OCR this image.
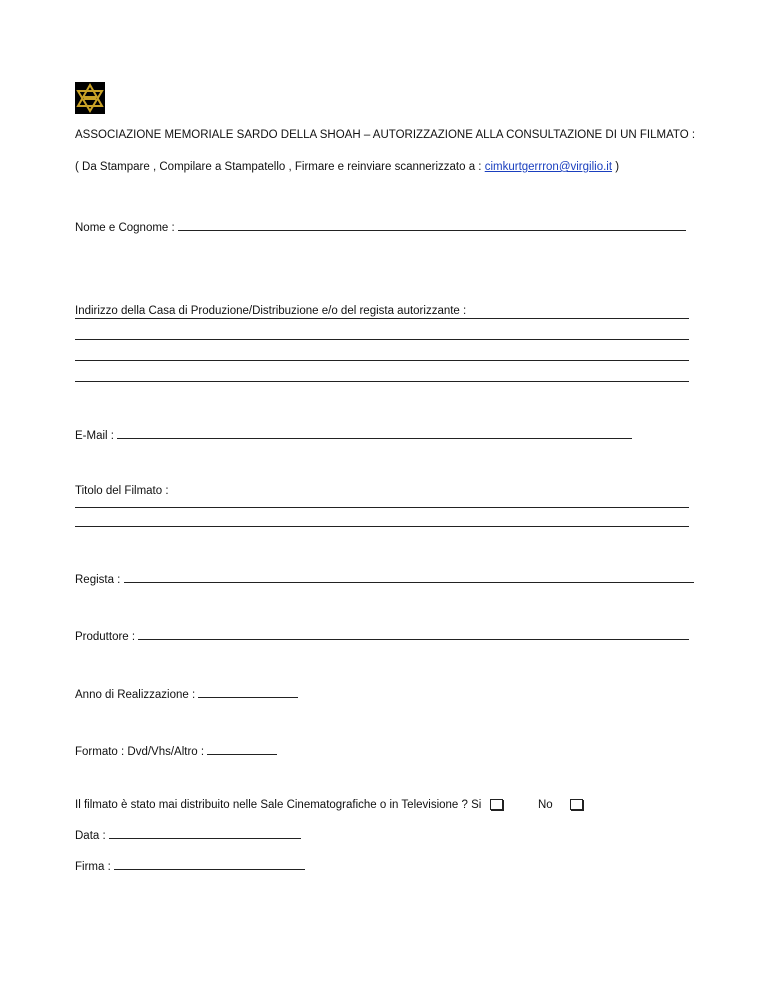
ASSOCIAZIONE MEMORIALE SARDO DELLA SHOAH – AUTORIZZAZIONE ALLA CONSULTAZIONE DI UN FILMATO :
( Da Stampare , Compilare a Stampatello , Firmare e reinviare scannerizzato a : cimkurtgerrron@virgilio.it )
Nome e Cognome :
Indirizzo della Casa di Produzione/Distribuzione e/o del regista autorizzante :
E-Mail :
Titolo del Filmato :
Regista :
Produttore :
Anno di Realizzazione :
Formato : Dvd/Vhs/Altro :
Il filmato è stato mai distribuito nelle Sale Cinematografiche o in Televisione ? Si	No
Data :
Firma :
